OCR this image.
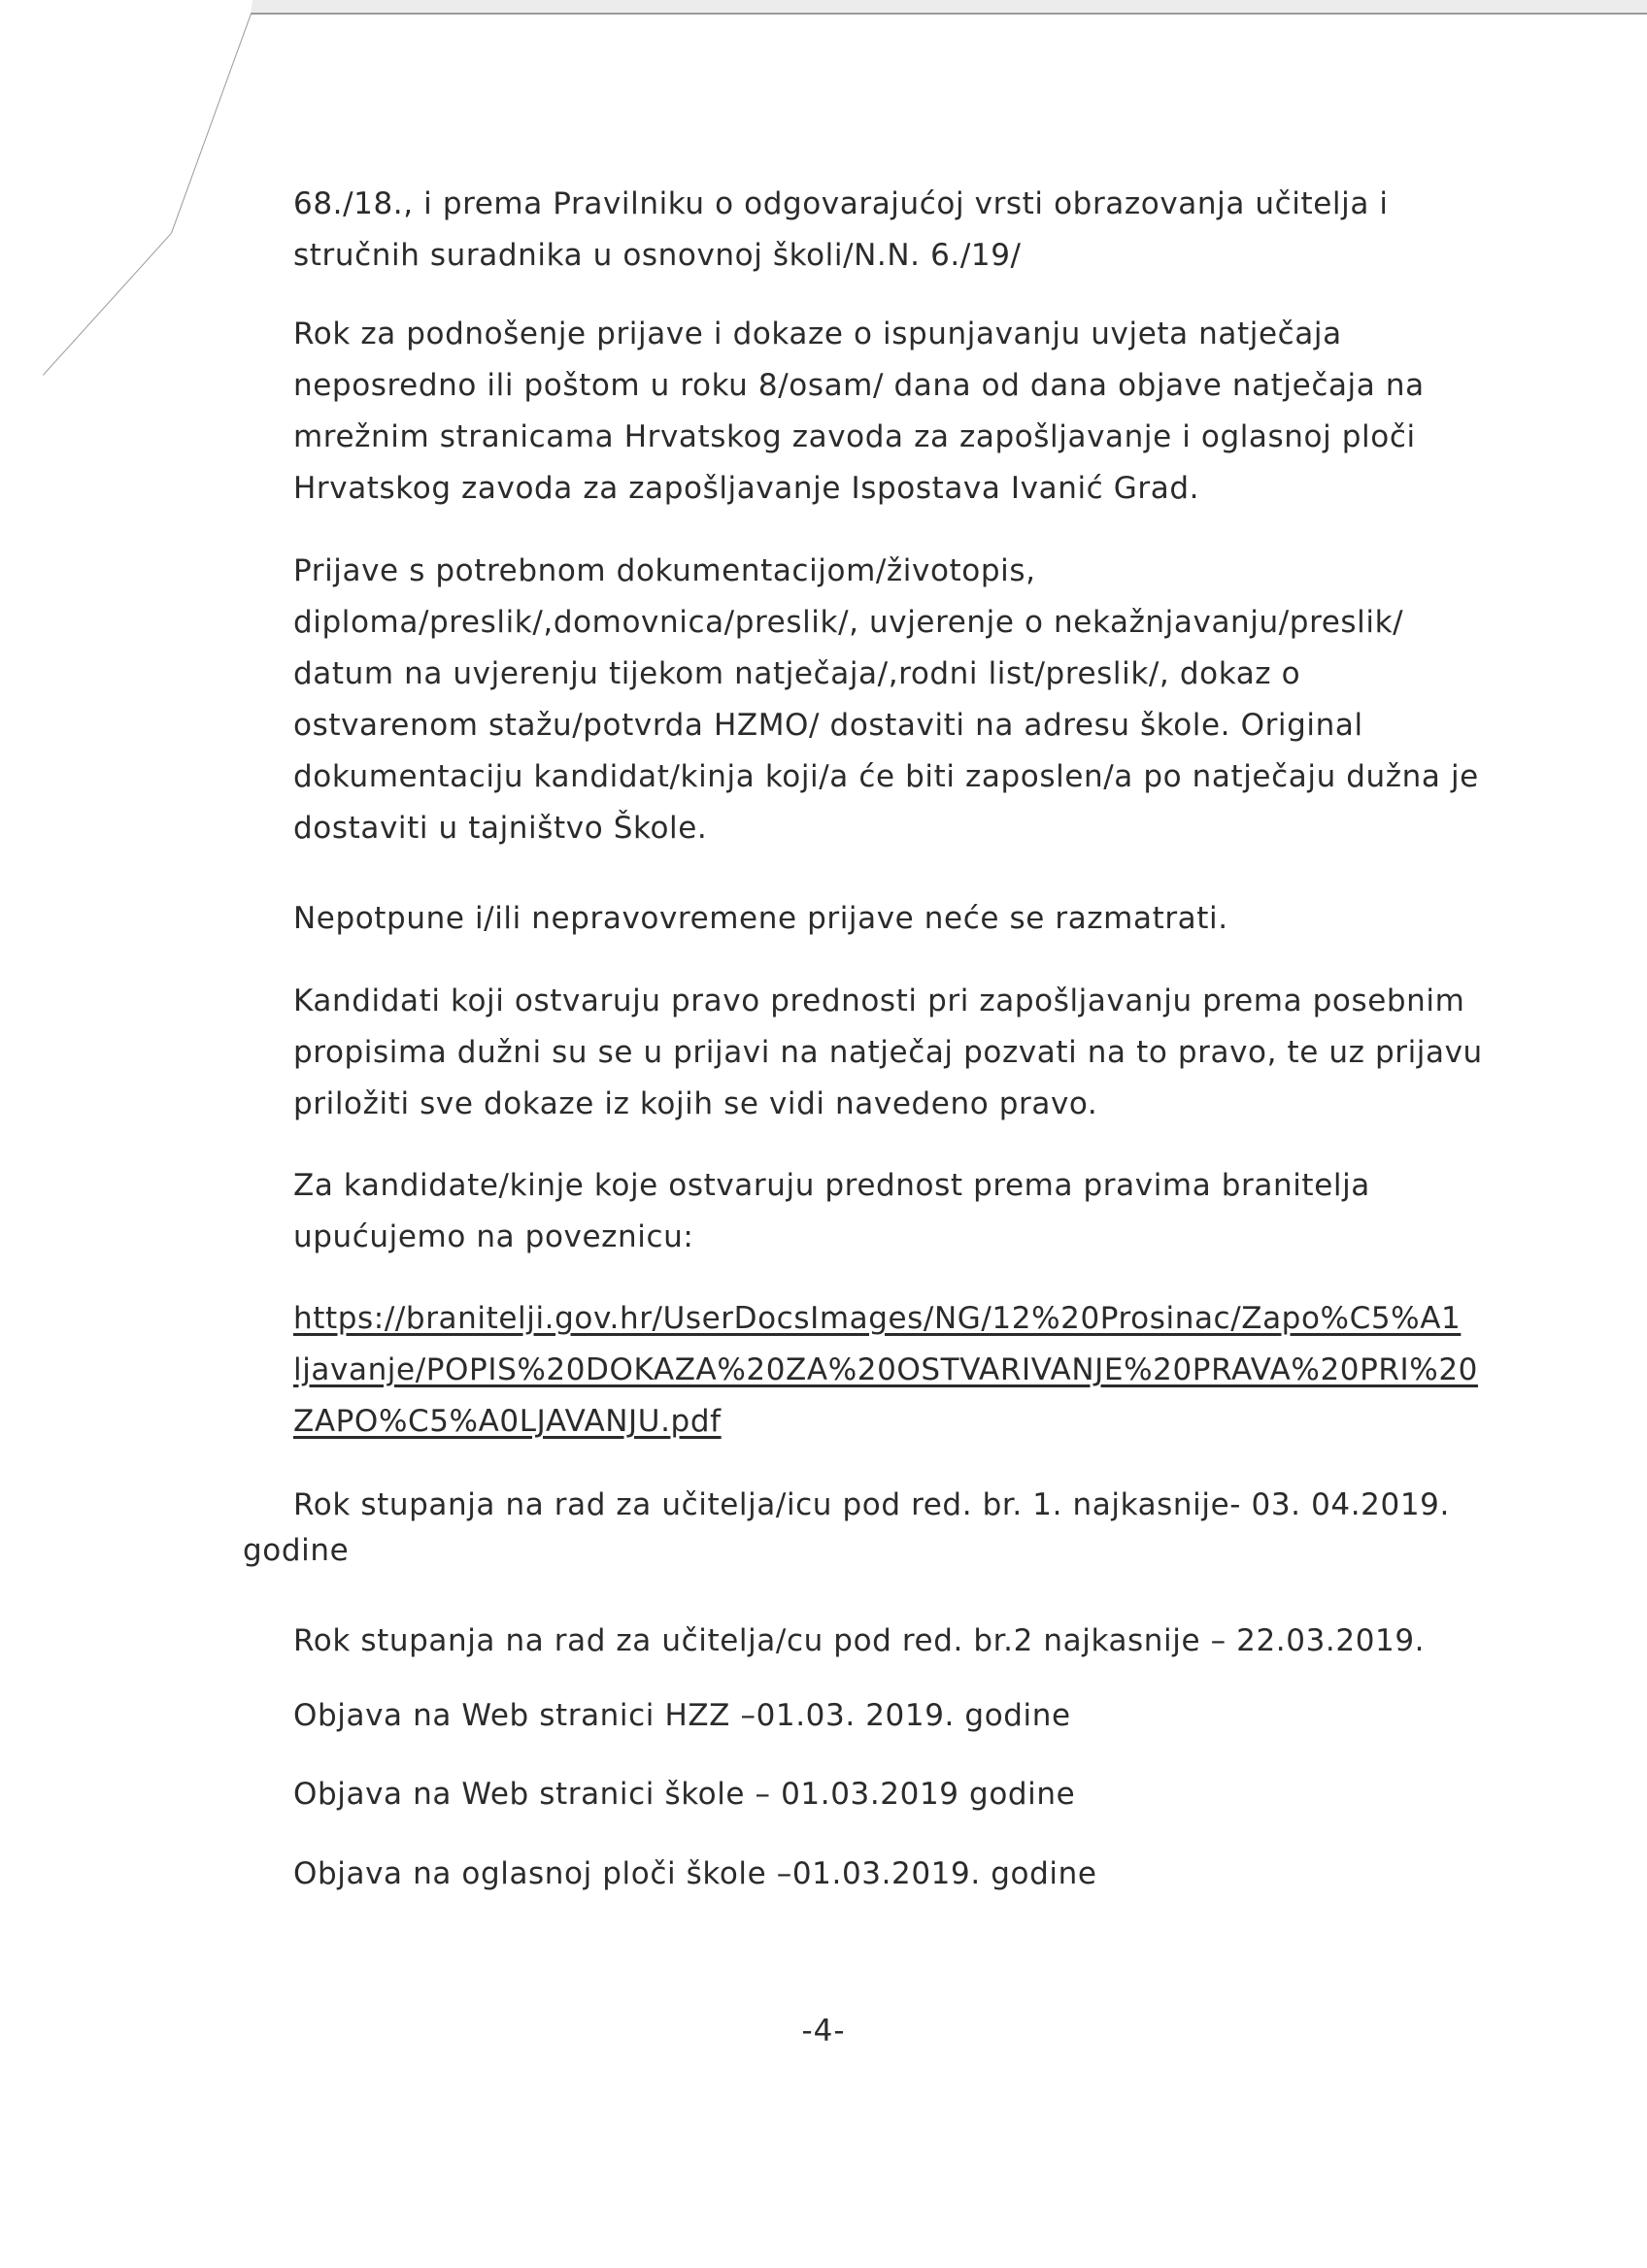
68./18., i prema Pravilniku o odgovarajućoj vrsti obrazovanja učitelja i
stručnih suradnika u osnovnoj školi/N.N. 6./19/

Rok za podnošenje prijave i dokaze o ispunjavanju uvjeta natječaja
neposredno ili poštom u roku 8/osam/ dana od dana objave natječaja na
mrežnim stranicama Hrvatskog zavoda za zapošljavanje i oglasnoj ploči
Hrvatskog zavoda za zapošljavanje Ispostava Ivanić Grad.

Prijave s potrebnom dokumentacijom/životopis,
diploma/preslik/,domovnica/preslik/, uvjerenje o nekažnjavanju/preslik/
datum na uvjerenju tijekom natječaja/,rodni list/preslik/, dokaz o
ostvarenom stažu/potvrda HZMO/ dostaviti na adresu škole. Original
dokumentaciju kandidat/kinja koji/a će biti zaposlen/a po natječaju dužna je
dostaviti u tajništvo Škole.

Nepotpune i/ili nepravovremene prijave neće se razmatrati.

Kandidati koji ostvaruju pravo prednosti pri zapošljavanju prema posebnim
propisima dužni su se u prijavi na natječaj pozvati na to pravo, te uz prijavu
priložiti sve dokaze iz kojih se vidi navedeno pravo.

Za kandidate/kinje koje ostvaruju prednost prema pravima branitelja
upućujemo na poveznicu:

https://branitelji.gov.hr/UserDocsImages/NG/12%20Prosinac/Zapo%C5%A1
ljavanje/POPIS%20DOKAZA%20ZA%20OSTVARIVANJE%20PRAVA%20PRI%20
ZAPO%C5%A0LJAVANJU.pdf

Rok stupanja na rad za učitelja/icu pod red. br. 1. najkasnije- 03. 04.2019.

godine

Rok stupanja na rad za učitelja/cu pod red. br.2 najkasnije – 22.03.2019.

Objava na Web stranici HZZ –01.03. 2019. godine

Objava na Web stranici škole – 01.03.2019 godine

Objava na oglasnoj ploči škole –01.03.2019. godine

-4-
